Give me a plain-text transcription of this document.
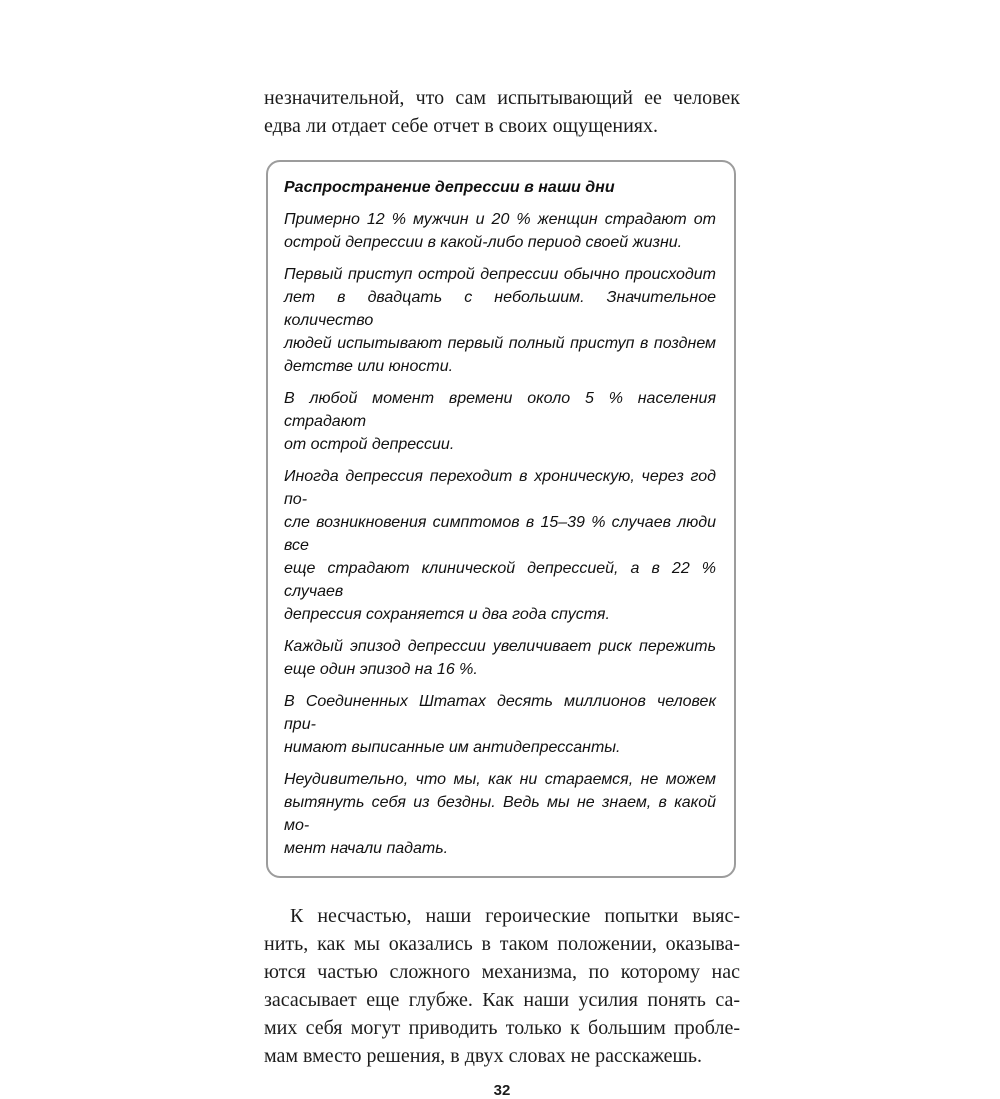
незначительной, что сам испытывающий ее человек
едва ли отдает себе отчет в своих ощущениях.

Распространение депрессии в наши дни
Примерно 12 % мужчин и 20 % женщин страдают от
острой депрессии в какой-либо период своей жизни.
Первый приступ острой депрессии обычно происходит
лет в двадцать с небольшим. Значительное количество
людей испытывают первый полный приступ в позднем
детстве или юности.
В любой момент времени около 5 % населения страдают
от острой депрессии.
Иногда депрессия переходит в хроническую, через год по-
сле возникновения симптомов в 15–39 % случаев люди все
еще страдают клинической депрессией, а в 22 % случаев
депрессия сохраняется и два года спустя.
Каждый эпизод депрессии увеличивает риск пережить
еще один эпизод на 16 %.
В Соединенных Штатах десять миллионов человек при-
нимают выписанные им антидепрессанты.
Неудивительно, что мы, как ни стараемся, не можем
вытянуть себя из бездны. Ведь мы не знаем, в какой мо-
мент начали падать.
К несчастью, наши героические попытки выяс-
нить, как мы оказались в таком положении, оказыва-
ются частью сложного механизма, по которому нас
засасывает еще глубже. Как наши усилия понять са-
мих себя могут приводить только к большим пробле-
мам вместо решения, в двух словах не расскажешь.
32
